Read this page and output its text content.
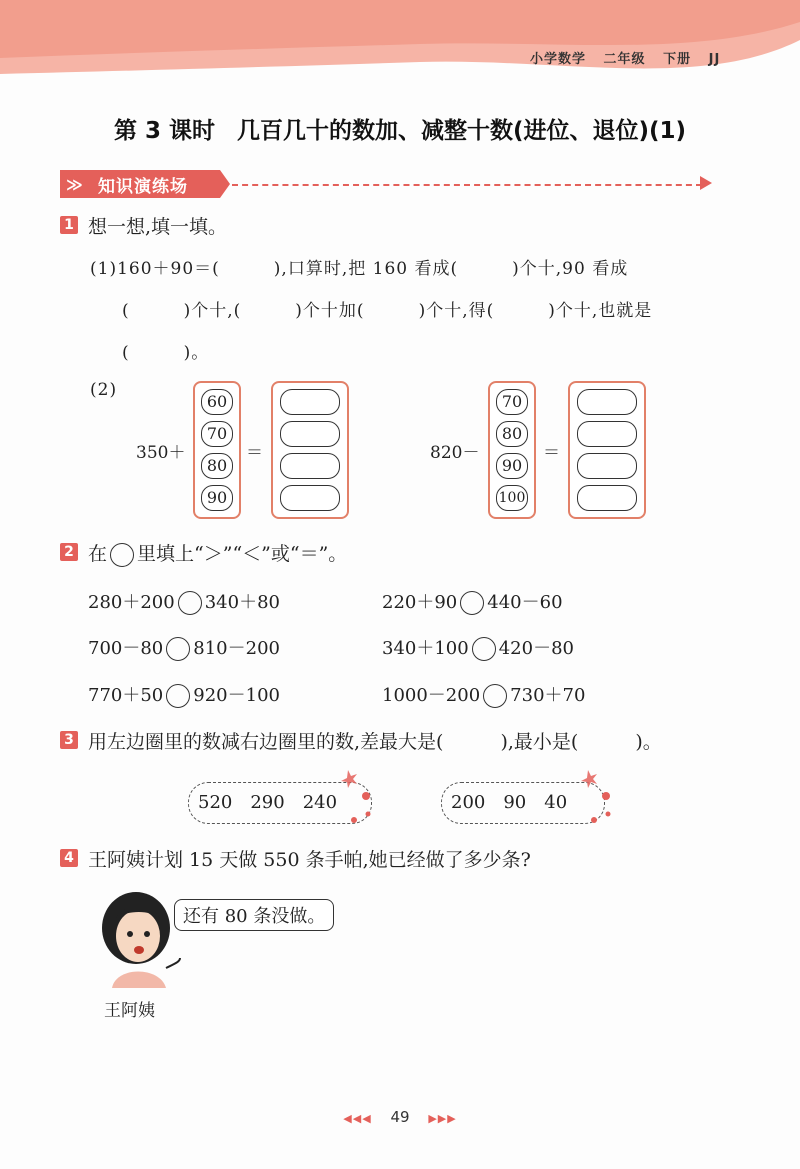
小学数学 二年级 下册 JJ
第 3 课时 几百几十的数加、减整十数(进位、退位)(1)
≫ 知识演练场
1 想一想,填一填。
(1)160＋90＝(　　　),口算时,把 160 看成(　　　)个十,90 看成
(　　　)个十,(　　　)个十加(　　　)个十,得(　　　)个十,也就是
(　　　)。
(2)
350＋
60
70
80
90
＝	820－
70
80
90
100
＝
2 在 里填上“＞”“＜”或“＝”。
280＋200 340＋80	220＋90 440－60
700－80 810－200	340＋100 420－80
770＋50 920－100	1000－200 730＋70
3 用左边圈里的数减右边圈里的数,差最大是(　　　),最小是(　　　)。
520 290 240	200 90 40
4 王阿姨计划 15 天做 550 条手帕,她已经做了多少条?
还有 80 条没做。
王阿姨
◀◀◀ 49 ▶▶▶
